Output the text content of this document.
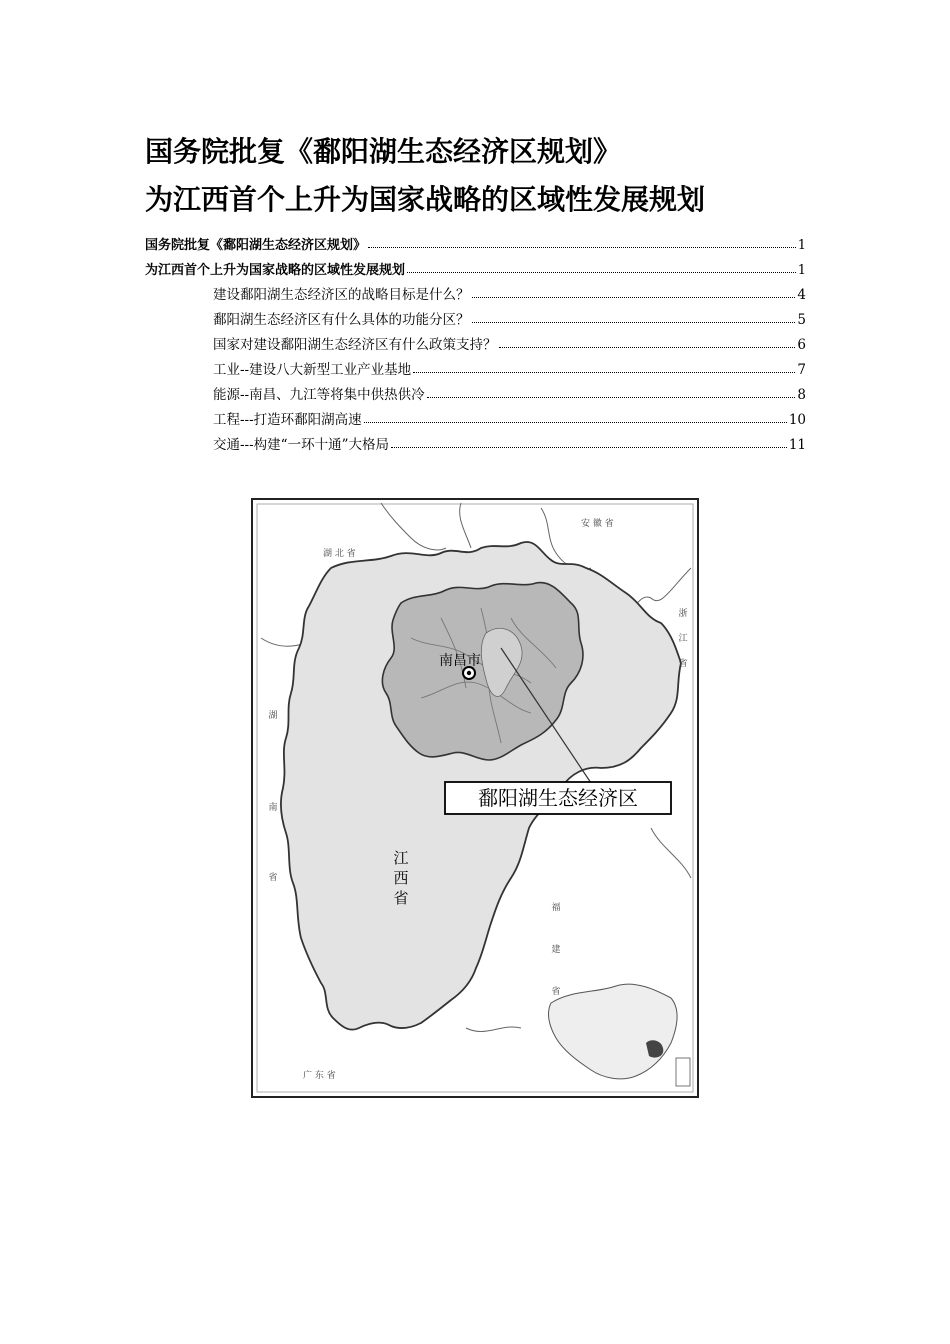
国务院批复《鄱阳湖生态经济区规划》
为江西首个上升为国家战略的区域性发展规划
国务院批复《鄱阳湖生态经济区规划》	1
为江西首个上升为国家战略的区域性发展规划	1
建设鄱阳湖生态经济区的战略目标是什么？	4
鄱阳湖生态经济区有什么具体的功能分区？	5
国家对建设鄱阳湖生态经济区有什么政策支持？	6
工业--建设八大新型工业产业基地	7
能源--南昌、九江等将集中供热供冷	8
工程---打造环鄱阳湖高速	10
交通---构建“一环十通”大格局	11
南昌市
鄱阳湖生态经济区
江
西
省
湖 北 省
安 徽 省
浙
江
省
湖
南
省
福
建
省
广 东 省
